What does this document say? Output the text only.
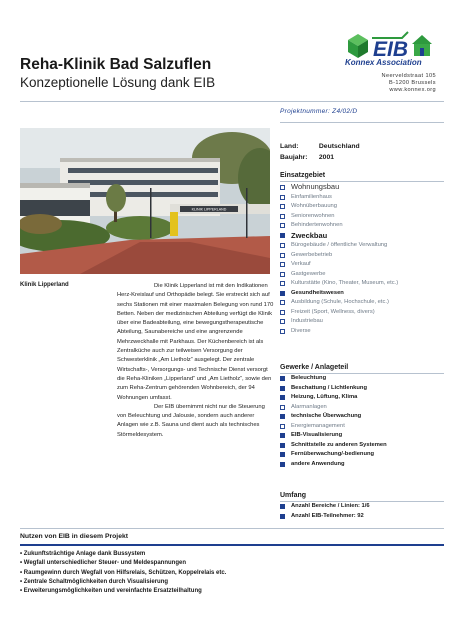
Reha-Klinik Bad Salzuflen
Konzeptionelle Lösung dank EIB
EIB
Konnex Association
Neerveldstraat 105
B-1200 Brussels
www.konnex.org
Projektnummer: Z4/02/D
KLINIK LIPPERLAND
Klinik Lipperland	Die Klinik Lipperland ist mit den Indikationen Herz-Kreislauf und Orthopädie belegt. Sie erstreckt sich auf sechs Stationen mit einer maximalen Belegung von rund 170 Betten. Neben der medizinischen Abteilung verfügt die Klinik über eine Badeabteilung, eine bewegungstherapeutische Abteilung, Saunabereiche und eine angrenzende Mehrzweckhalle mit Parkhaus. Der Küchenbereich ist als Zentralküche auch zur teilweisen Versorgung der Schwesterklinik „Am Lietholz“ ausgelegt. Der zentrale Wirtschafts-, Versorgungs- und Technische Dienst versorgt die Reha-Kliniken „Lipperland“ und „Am Lietholz“, sowie den zum Reha-Zentrum gehörenden Wohnbereich, der 94 Wohnungen umfasst.

Der EIB übernimmt nicht nur die Steuerung von Beleuchtung und Jalousie, sondern auch anderer Anlagen wie z.B. Sauna und dient auch als technisches Störmeldesystem.

Land:	Deutschland
Baujahr: 2001
Einsatzgebiet
Wohnungsbau
Einfamilienhaus
Wohnüberbauung
Seniorenwohnen
Behindertenwohnen
Zweckbau
Bürogebäude / öffentliche Verwaltung
Gewerbebetrieb
Verkauf
Gastgewerbe
Kulturstätte (Kino, Theater, Museum, etc.)
Gesundheitswesen
Ausbildung (Schule, Hochschule, etc.)
Freizeit (Sport, Wellness, divers)
Industriebau
Diverse
Gewerke / Anlageteil
Beleuchtung
Beschattung / Lichtlenkung
Heizung, Lüftung, Klima
Alarmanlagen
technische Überwachung
Energiemanagement
EIB-Visualisierung
Schnittstelle zu anderen Systemen
Fernüberwachung/-bedienung
andere Anwendung
Umfang
Anzahl Bereiche / Linien: 1/6
Anzahl EIB-Teilnehmer: 92
Nutzen von EIB in diesem Projekt
• Zukunftsträchtige Anlage dank Bussystem
• Wegfall unterschiedlicher Steuer- und Meldespannungen
• Raumgewinn durch Wegfall von Hilfsrelais, Schützen, Koppelrelais etc.
• Zentrale Schaltmöglichkeiten durch Visualisierung
• Erweiterungsmöglichkeiten und vereinfachte Ersatzteilhaltung
